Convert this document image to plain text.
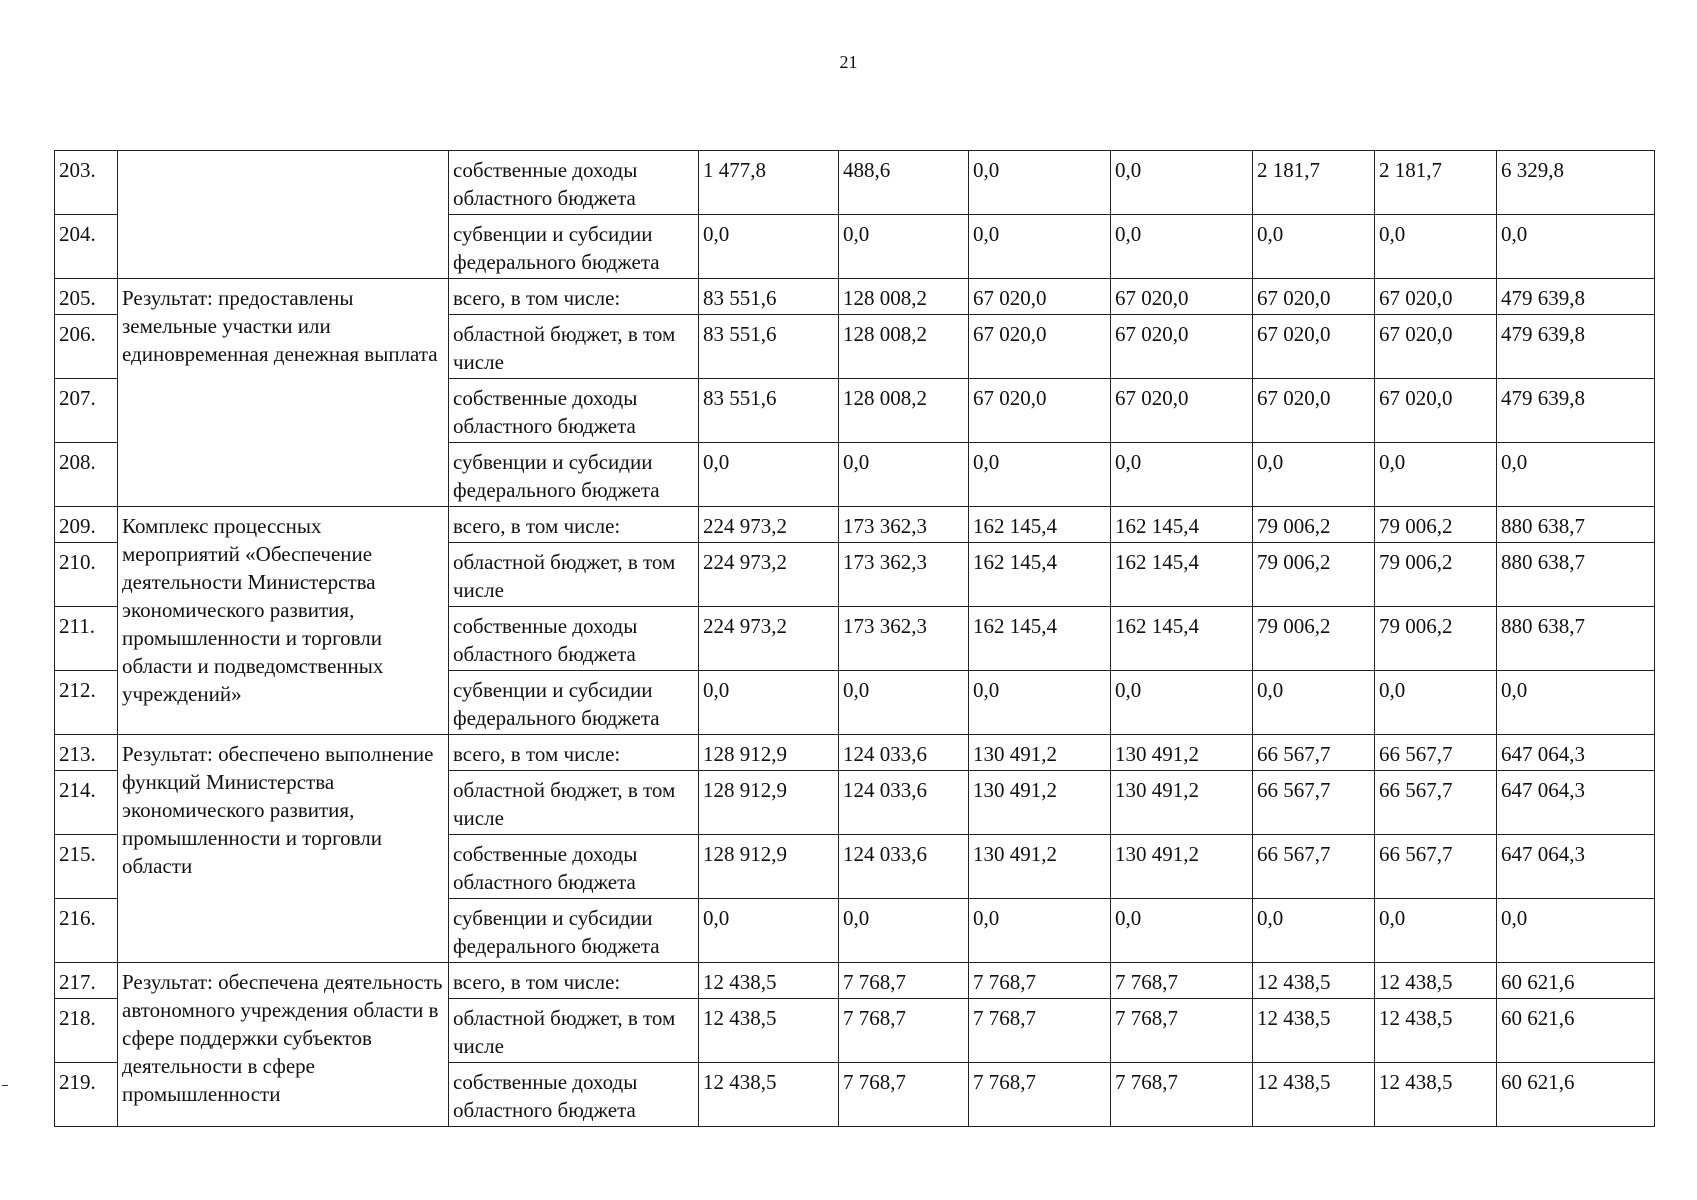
21
203.		собственные доходы областного бюджета	1 477,8	488,6	0,0	0,0	2 181,7	2 181,7	6 329,8
204.		субвенции и субсидии федерального бюджета	0,0	0,0	0,0	0,0	0,0	0,0	0,0
205.	Результат: предоставлены земельные участки или единовременная денежная выплата	всего, в том числе:	83 551,6	128 008,2	67 020,0	67 020,0	67 020,0	67 020,0	479 639,8
206.		областной бюджет, в том числе	83 551,6	128 008,2	67 020,0	67 020,0	67 020,0	67 020,0	479 639,8
207.		собственные доходы областного бюджета	83 551,6	128 008,2	67 020,0	67 020,0	67 020,0	67 020,0	479 639,8
208.		субвенции и субсидии федерального бюджета	0,0	0,0	0,0	0,0	0,0	0,0	0,0
209.	Комплекс процессных мероприятий «Обеспечение деятельности Министерства экономического развития, промышленности и торговли области и подведомственных учреждений»	всего, в том числе:	224 973,2	173 362,3	162 145,4	162 145,4	79 006,2	79 006,2	880 638,7
210.		областной бюджет, в том числе	224 973,2	173 362,3	162 145,4	162 145,4	79 006,2	79 006,2	880 638,7
211.		собственные доходы областного бюджета	224 973,2	173 362,3	162 145,4	162 145,4	79 006,2	79 006,2	880 638,7
212.		субвенции и субсидии федерального бюджета	0,0	0,0	0,0	0,0	0,0	0,0	0,0
213.	Результат: обеспечено выполнение функций Министерства экономического развития, промышленности и торговли области	всего, в том числе:	128 912,9	124 033,6	130 491,2	130 491,2	66 567,7	66 567,7	647 064,3
214.		областной бюджет, в том числе	128 912,9	124 033,6	130 491,2	130 491,2	66 567,7	66 567,7	647 064,3
215.		собственные доходы областного бюджета	128 912,9	124 033,6	130 491,2	130 491,2	66 567,7	66 567,7	647 064,3
216.		субвенции и субсидии федерального бюджета	0,0	0,0	0,0	0,0	0,0	0,0	0,0
217.	Результат: обеспечена деятельность автономного учреждения области в сфере поддержки субъектов деятельности в сфере промышленности	всего, в том числе:	12 438,5	7 768,7	7 768,7	7 768,7	12 438,5	12 438,5	60 621,6
218.		областной бюджет, в том числе	12 438,5	7 768,7	7 768,7	7 768,7	12 438,5	12 438,5	60 621,6
219.		собственные доходы областного бюджета	12 438,5	7 768,7	7 768,7	7 768,7	12 438,5	12 438,5	60 621,6
